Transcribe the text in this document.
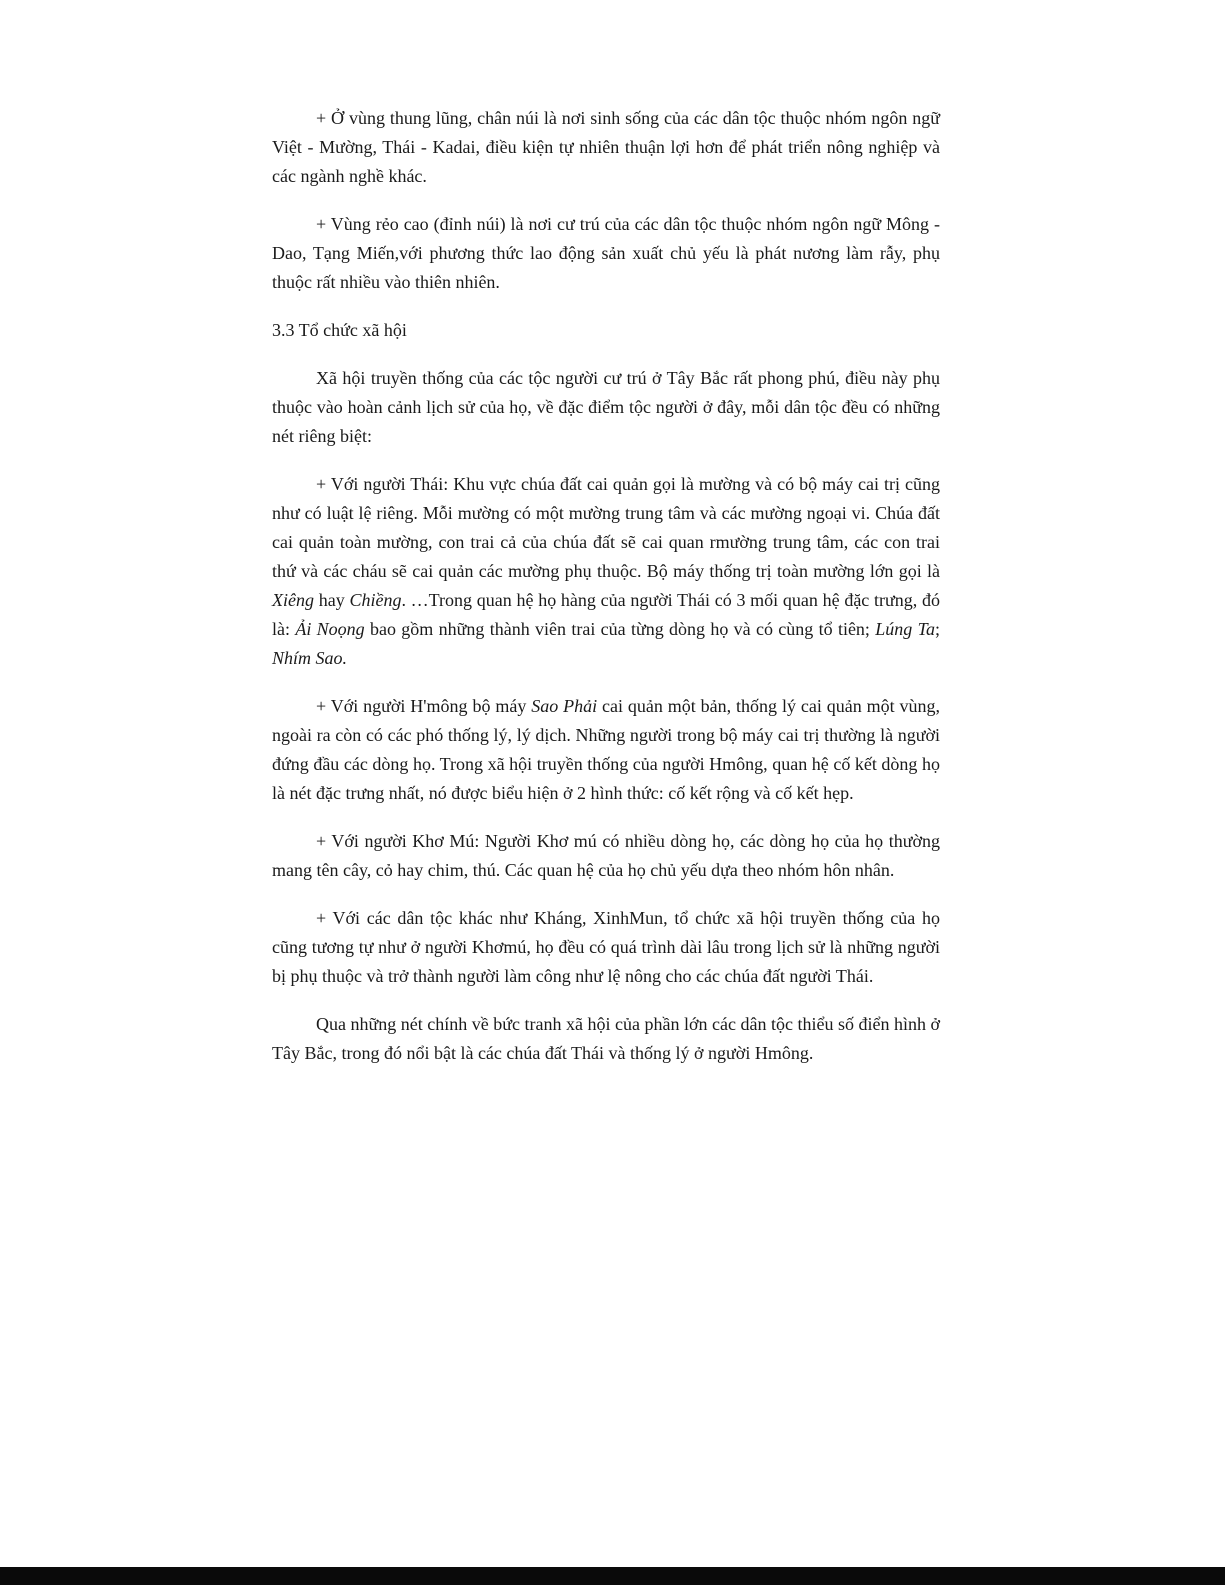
+ Ở vùng thung lũng, chân núi là nơi sinh sống của các dân tộc thuộc nhóm ngôn ngữ Việt - Mường, Thái - Kadai, điều kiện tự nhiên thuận lợi hơn để phát triển nông nghiệp và các ngành nghề khác.

+ Vùng rẻo cao (đỉnh núi) là nơi cư trú của các dân tộc thuộc nhóm ngôn ngữ Mông - Dao, Tạng Miến,với phương thức lao động sản xuất chủ yếu là phát nương làm rẫy, phụ thuộc rất nhiều vào thiên nhiên.

3.3 Tổ chức xã hội

Xã hội truyền thống của các tộc người cư trú ở Tây Bắc rất phong phú, điều này phụ thuộc vào hoàn cảnh lịch sử của họ, về đặc điểm tộc người ở đây, mỗi dân tộc đều có những nét riêng biệt:

+ Với người Thái: Khu vực chúa đất cai quản gọi là mường và có bộ máy cai trị cũng như có luật lệ riêng. Mỗi mường có một mường trung tâm và các mường ngoại vi. Chúa đất cai quản toàn mường, con trai cả của chúa đất sẽ cai quan rmường trung tâm, các con trai thứ và các cháu sẽ cai quản các mường phụ thuộc. Bộ máy thống trị toàn mường lớn gọi là Xiêng hay Chiềng. …Trong quan hệ họ hàng của người Thái có 3 mối quan hệ đặc trưng, đó là: Ải Noọng bao gồm những thành viên trai của từng dòng họ và có cùng tổ tiên; Lúng Ta; Nhím Sao.

+ Với người H'mông bộ máy Sao Phải cai quản một bản, thống lý cai quản một vùng, ngoài ra còn có các phó thống lý, lý dịch. Những người trong bộ máy cai trị thường là người đứng đầu các dòng họ. Trong xã hội truyền thống của người Hmông, quan hệ cố kết dòng họ là nét đặc trưng nhất, nó được biểu hiện ở 2 hình thức: cố kết rộng và cố kết hẹp.

+ Với người Khơ Mú: Người Khơ mú có nhiều dòng họ, các dòng họ của họ thường mang tên cây, cỏ hay chim, thú. Các quan hệ của họ chủ yếu dựa theo nhóm hôn nhân.

+ Với các dân tộc khác như Kháng, XinhMun, tổ chức xã hội truyền thống của họ cũng tương tự như ở người Khơmú, họ đều có quá trình dài lâu trong lịch sử là những người bị phụ thuộc và trở thành người làm công như lệ nông cho các chúa đất người Thái.

Qua những nét chính về bức tranh xã hội của phần lớn các dân tộc thiểu số điển hình ở Tây Bắc, trong đó nổi bật là các chúa đất Thái và thống lý ở người Hmông.
